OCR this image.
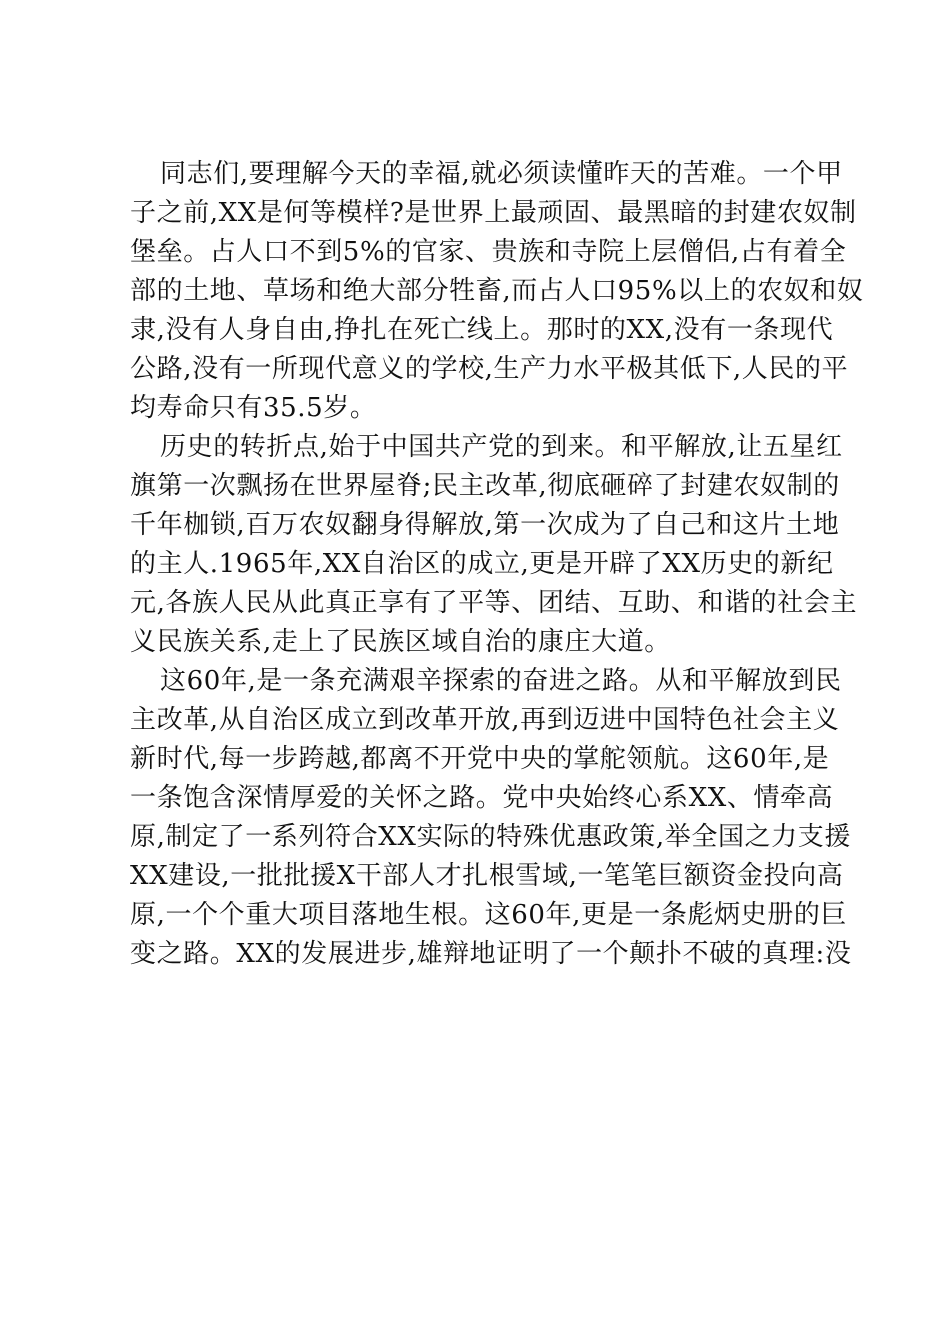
同志们,要理解今天的幸福,就必须读懂昨天的苦难。一个甲
子之前,XX是何等模样?是世界上最顽固、最黑暗的封建农奴制
堡垒。占人口不到5%的官家、贵族和寺院上层僧侣,占有着全
部的土地、草场和绝大部分牲畜,而占人口95%以上的农奴和奴
隶,没有人身自由,挣扎在死亡线上。那时的XX,没有一条现代
公路,没有一所现代意义的学校,生产力水平极其低下,人民的平
均寿命只有35.5岁。
历史的转折点,始于中国共产党的到来。和平解放,让五星红
旗第一次飘扬在世界屋脊;民主改革,彻底砸碎了封建农奴制的
千年枷锁,百万农奴翻身得解放,第一次成为了自己和这片土地
的主人.1965年,XX自治区的成立,更是开辟了XX历史的新纪
元,各族人民从此真正享有了平等、团结、互助、和谐的社会主
义民族关系,走上了民族区域自治的康庄大道。
这60年,是一条充满艰辛探索的奋进之路。从和平解放到民
主改革,从自治区成立到改革开放,再到迈进中国特色社会主义
新时代,每一步跨越,都离不开党中央的掌舵领航。这60年,是
一条饱含深情厚爱的关怀之路。党中央始终心系XX、情牵高
原,制定了一系列符合XX实际的特殊优惠政策,举全国之力支援
XX建设,一批批援X干部人才扎根雪域,一笔笔巨额资金投向高
原,一个个重大项目落地生根。这60年,更是一条彪炳史册的巨
变之路。XX的发展进步,雄辩地证明了一个颠扑不破的真理:没
